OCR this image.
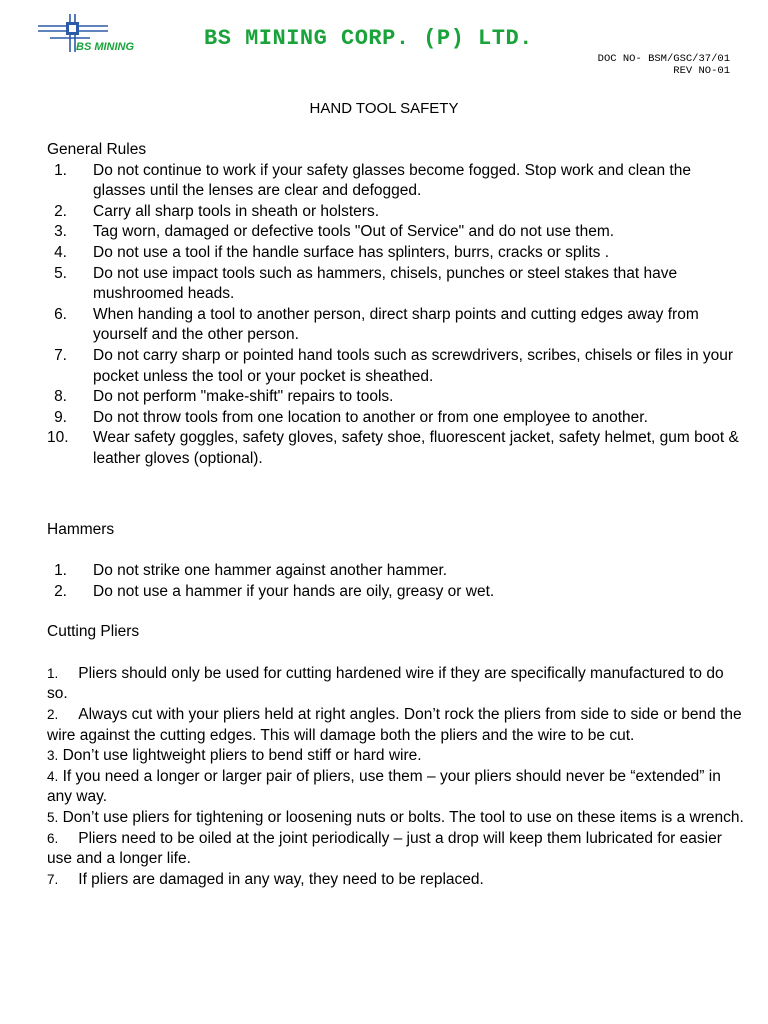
BS MINING	BS MINING CORP. (P) LTD.
DOC NO- BSM/GSC/37/01
REV NO-01
HAND TOOL SAFETY
General Rules
1. Do not continue to work if your safety glasses become fogged. Stop work and clean the glasses until the lenses are clear and defogged.
2. Carry all sharp tools in sheath or holsters.
3. Tag worn, damaged or defective tools "Out of Service" and do not use them.
4. Do not use a tool if the handle surface has splinters, burrs, cracks or splits .
5. Do not use impact tools such as hammers, chisels, punches or steel stakes that have mushroomed heads.
6. When handing a tool to another person, direct sharp points and cutting edges away from yourself and the other person.
7. Do not carry sharp or pointed hand tools such as screwdrivers, scribes, chisels or files in your pocket unless the tool or your pocket is sheathed.
8. Do not perform "make-shift" repairs to tools.
9. Do not throw tools from one location to another or from one employee to another.
10. Wear safety goggles, safety gloves, safety shoe, fluorescent jacket, safety helmet, gum boot & leather gloves (optional).
Hammers
1. Do not strike one hammer against another hammer.
2. Do not use a hammer if your hands are oily, greasy or wet.
Cutting Pliers

1. Pliers should only be used for cutting hardened wire if they are specifically manufactured to do so.

2. Always cut with your pliers held at right angles. Don’t rock the pliers from side to side or bend the wire against the cutting edges. This will damage both the pliers and the wire to be cut.

3. Don’t use lightweight pliers to bend stiff or hard wire.

4. If you need a longer or larger pair of pliers, use them – your pliers should never be “extended” in any way.

5. Don’t use pliers for tightening or loosening nuts or bolts. The tool to use on these items is a wrench.

6. Pliers need to be oiled at the joint periodically – just a drop will keep them lubricated for easier use and a longer life.

7. If pliers are damaged in any way, they need to be replaced.
